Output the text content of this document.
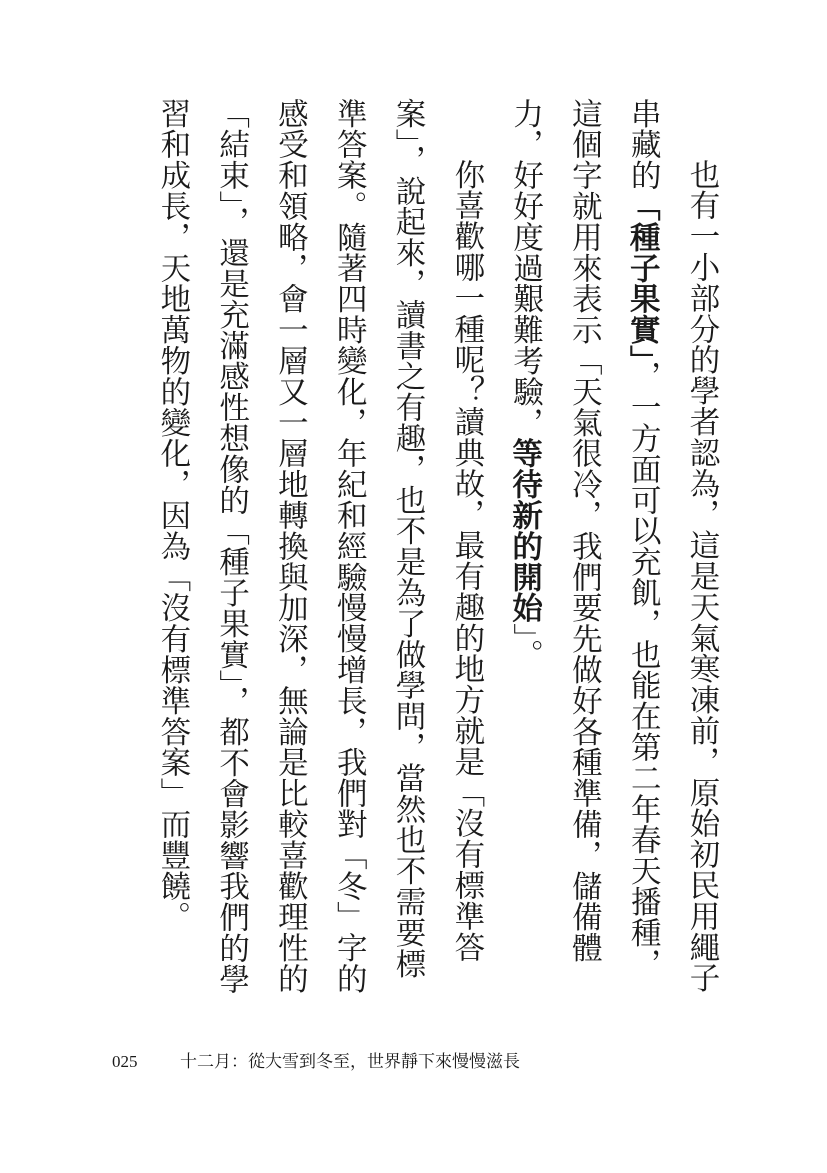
也有一小部分的學者認為，這是天氣寒凍前，原始初民用繩子串藏的「種子果實」，一方面可以充飢，也能在第二年春天播種，這個字就用來表示「天氣很冷，我們要先做好各種準備，儲備體力，好好度過艱難考驗，等待新的開始」。

你喜歡哪一種呢？讀典故，最有趣的地方就是「沒有標準答案」，說起來，讀書之有趣，也不是為了做學問，當然也不需要標準答案。隨著四時變化，年紀和經驗慢慢增長，我們對「冬」字的感受和領略，會一層又一層地轉換與加深，無論是比較喜歡理性的「結束」，還是充滿感性想像的「種子果實」，都不會影響我們的學習和成長，天地萬物的變化，因為「沒有標準答案」而豐饒。

025	十二月：從大雪到冬至，世界靜下來慢慢滋長
